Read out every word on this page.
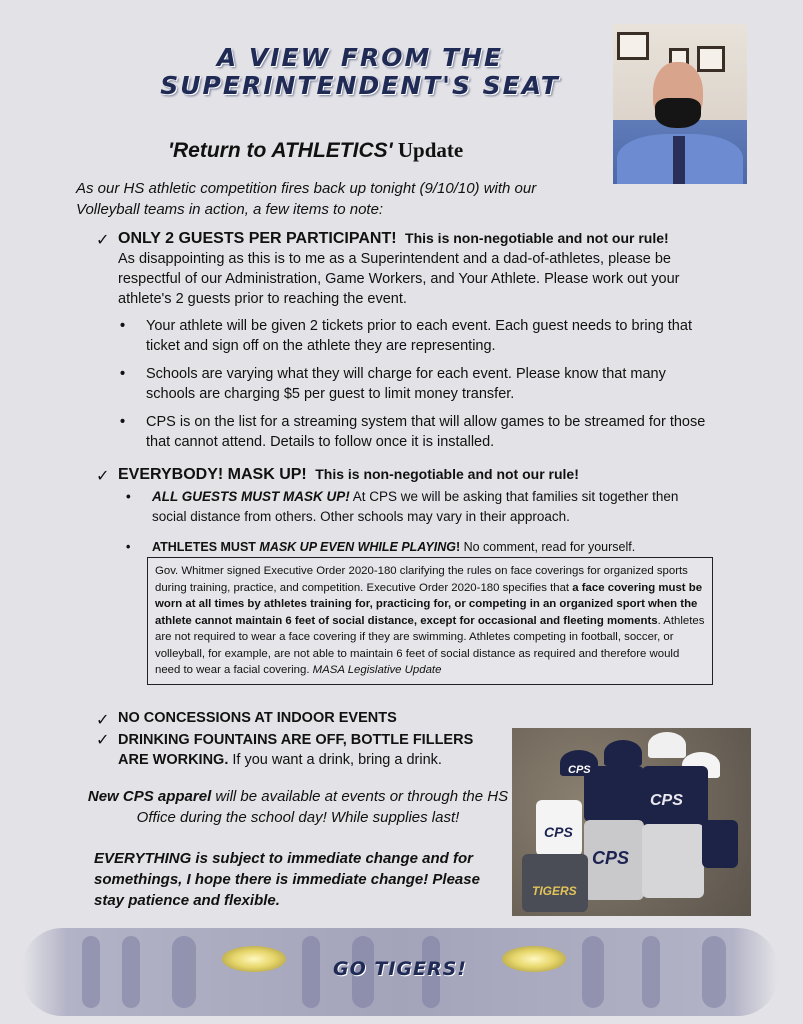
A VIEW FROM THE
SUPERINTENDENT'S SEAT
'Return to ATHLETICS' Update
As our HS athletic competition fires back up tonight (9/10/10) with our Volleyball teams in action, a few items to note:
✓ ONLY 2 GUESTS PER PARTICIPANT! This is non-negotiable and not our rule!
As disappointing as this is to me as a Superintendent and a dad-of-athletes, please be respectful of our Administration, Game Workers, and Your Athlete. Please work out your athlete's 2 guests prior to reaching the event.
• Your athlete will be given 2 tickets prior to each event. Each guest needs to bring that ticket and sign off on the athlete they are representing.
• Schools are varying what they will charge for each event. Please know that many schools are charging $5 per guest to limit money transfer.
• CPS is on the list for a streaming system that will allow games to be streamed for those that cannot attend. Details to follow once it is installed.
✓ EVERYBODY! MASK UP! This is non-negotiable and not our rule!
• ALL GUESTS MUST MASK UP! At CPS we will be asking that families sit together then social distance from others. Other schools may vary in their approach.
• ATHLETES MUST MASK UP EVEN WHILE PLAYING! No comment, read for yourself.
Gov. Whitmer signed Executive Order 2020-180 clarifying the rules on face coverings for organized sports during training, practice, and competition. Executive Order 2020-180 specifies that a face covering must be worn at all times by athletes training for, practicing for, or competing in an organized sport when the athlete cannot maintain 6 feet of social distance, except for occasional and fleeting moments. Athletes are not required to wear a face covering if they are swimming. Athletes competing in football, soccer, or volleyball, for example, are not able to maintain 6 feet of social distance as required and therefore would need to wear a facial covering. MASA Legislative Update
✓ NO CONCESSIONS AT INDOOR EVENTS
✓ DRINKING FOUNTAINS ARE OFF, BOTTLE FILLERS ARE WORKING. If you want a drink, bring a drink.
CPS
CPS
CPS
CPS
TIGERS
New CPS apparel will be available at events or through the HS Office during the school day! While supplies last!
EVERYTHING is subject to immediate change and for somethings, I hope there is immediate change! Please stay patience and flexible.
GO TIGERS!
